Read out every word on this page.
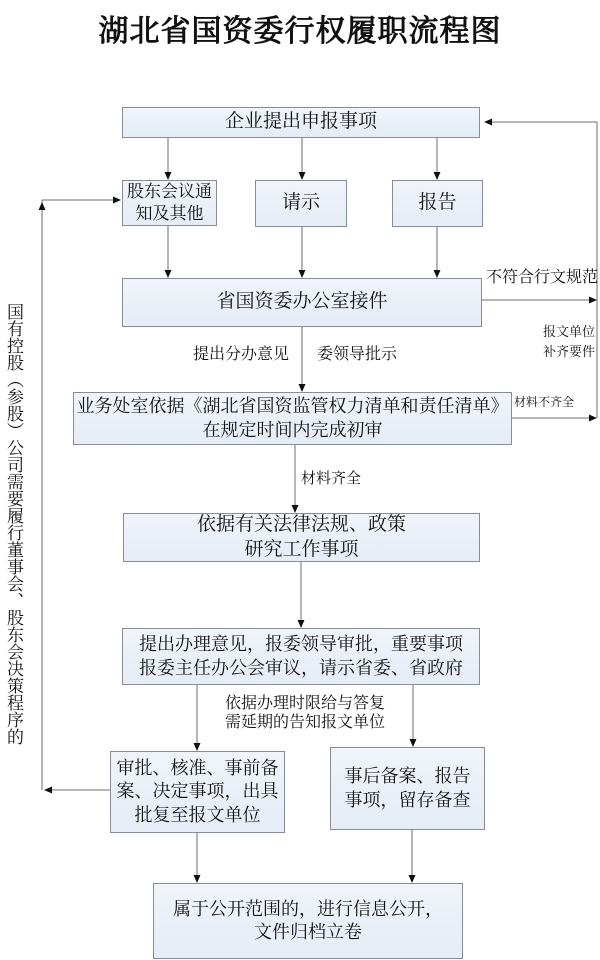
湖北省国资委行权履职流程图
企业提出申报事项
股东会议通
知及其他
请示	报告
省国资委办公室接件
业务处室依据《湖北省国资监管权力清单和责任清单》
在规定时间内完成初审
依据有关法律法规、政策
研究工作事项
提出办理意见，报委领导审批，重要事项
报委主任办公会审议，请示省委、省政府
审批、核准、事前备
案、决定事项，出具
批复至报文单位
事后备案、报告
事项，留存备查
属于公开范围的，进行信息公开，
文件归档立卷
提出分办意见 委领导批示
不符合行文规范
报文单位
补齐要件
材料不齐全
材料齐全
依据办理时限给与答复
需延期的告知报文单位
国有控股（参股）公司需要履行董事会、股东会决策程序的
